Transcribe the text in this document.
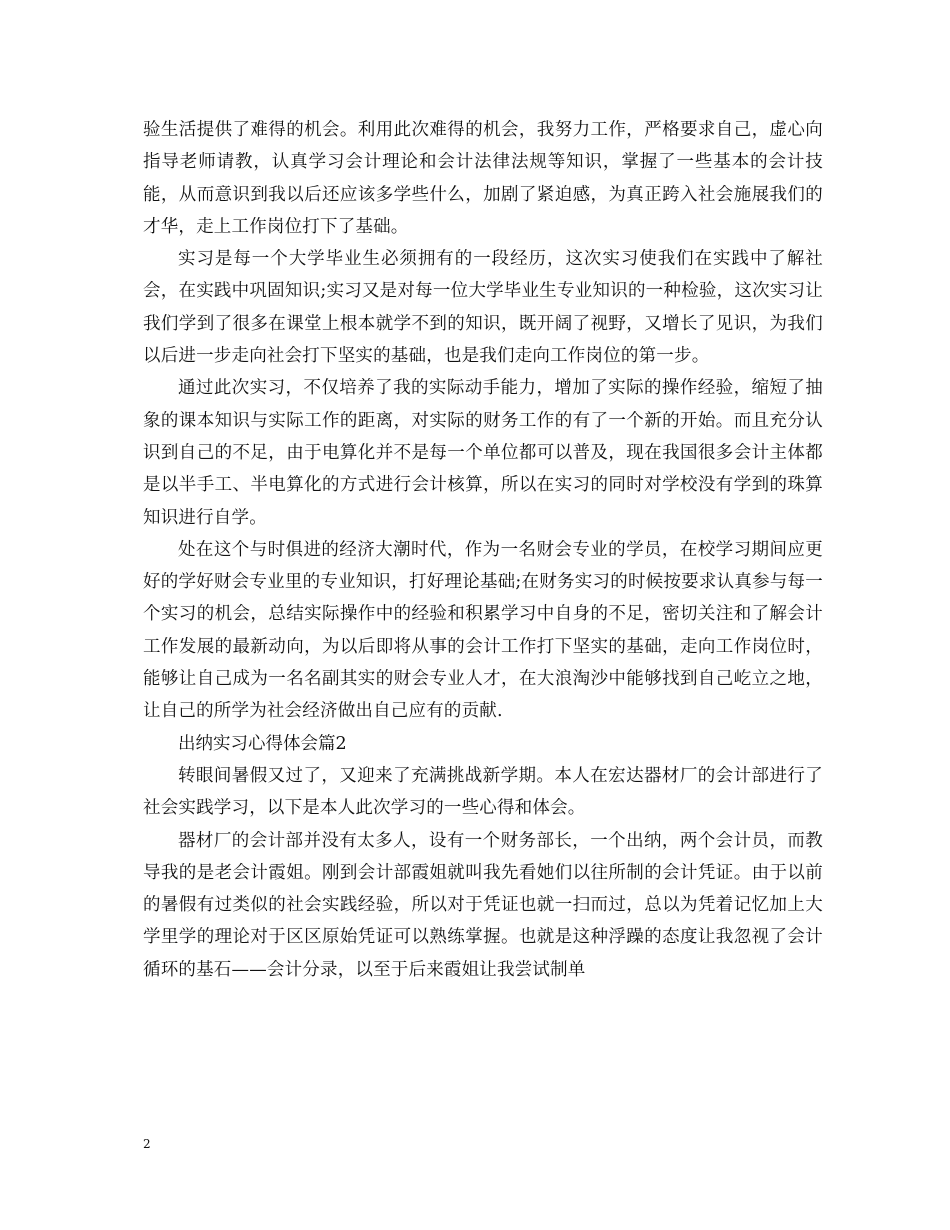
验生活提供了难得的机会。利用此次难得的机会，我努力工作，严格要求自己，虚心向指导老师请教，认真学习会计理论和会计法律法规等知识，掌握了一些基本的会计技能，从而意识到我以后还应该多学些什么，加剧了紧迫感，为真正跨入社会施展我们的才华，走上工作岗位打下了基础。

实习是每一个大学毕业生必须拥有的一段经历，这次实习使我们在实践中了解社会，在实践中巩固知识;实习又是对每一位大学毕业生专业知识的一种检验，这次实习让我们学到了很多在课堂上根本就学不到的知识，既开阔了视野，又增长了见识，为我们以后进一步走向社会打下坚实的基础，也是我们走向工作岗位的第一步。

通过此次实习，不仅培养了我的实际动手能力，增加了实际的操作经验，缩短了抽象的课本知识与实际工作的距离，对实际的财务工作的有了一个新的开始。而且充分认识到自己的不足，由于电算化并不是每一个单位都可以普及，现在我国很多会计主体都是以半手工、半电算化的方式进行会计核算，所以在实习的同时对学校没有学到的珠算知识进行自学。

处在这个与时俱进的经济大潮时代，作为一名财会专业的学员，在校学习期间应更好的学好财会专业里的专业知识，打好理论基础;在财务实习的时候按要求认真参与每一个实习的机会，总结实际操作中的经验和积累学习中自身的不足，密切关注和了解会计工作发展的最新动向，为以后即将从事的会计工作打下坚实的基础，走向工作岗位时，能够让自己成为一名名副其实的财会专业人才，在大浪淘沙中能够找到自己屹立之地，让自己的所学为社会经济做出自己应有的贡献.

出纳实习心得体会篇2

转眼间暑假又过了，又迎来了充满挑战新学期。本人在宏达器材厂的会计部进行了社会实践学习，以下是本人此次学习的一些心得和体会。

器材厂的会计部并没有太多人，设有一个财务部长，一个出纳，两个会计员，而教导我的是老会计霞姐。刚到会计部霞姐就叫我先看她们以往所制的会计凭证。由于以前的暑假有过类似的社会实践经验，所以对于凭证也就一扫而过，总以为凭着记忆加上大学里学的理论对于区区原始凭证可以熟练掌握。也就是这种浮躁的态度让我忽视了会计循环的基石——会计分录，以至于后来霞姐让我尝试制单

2
